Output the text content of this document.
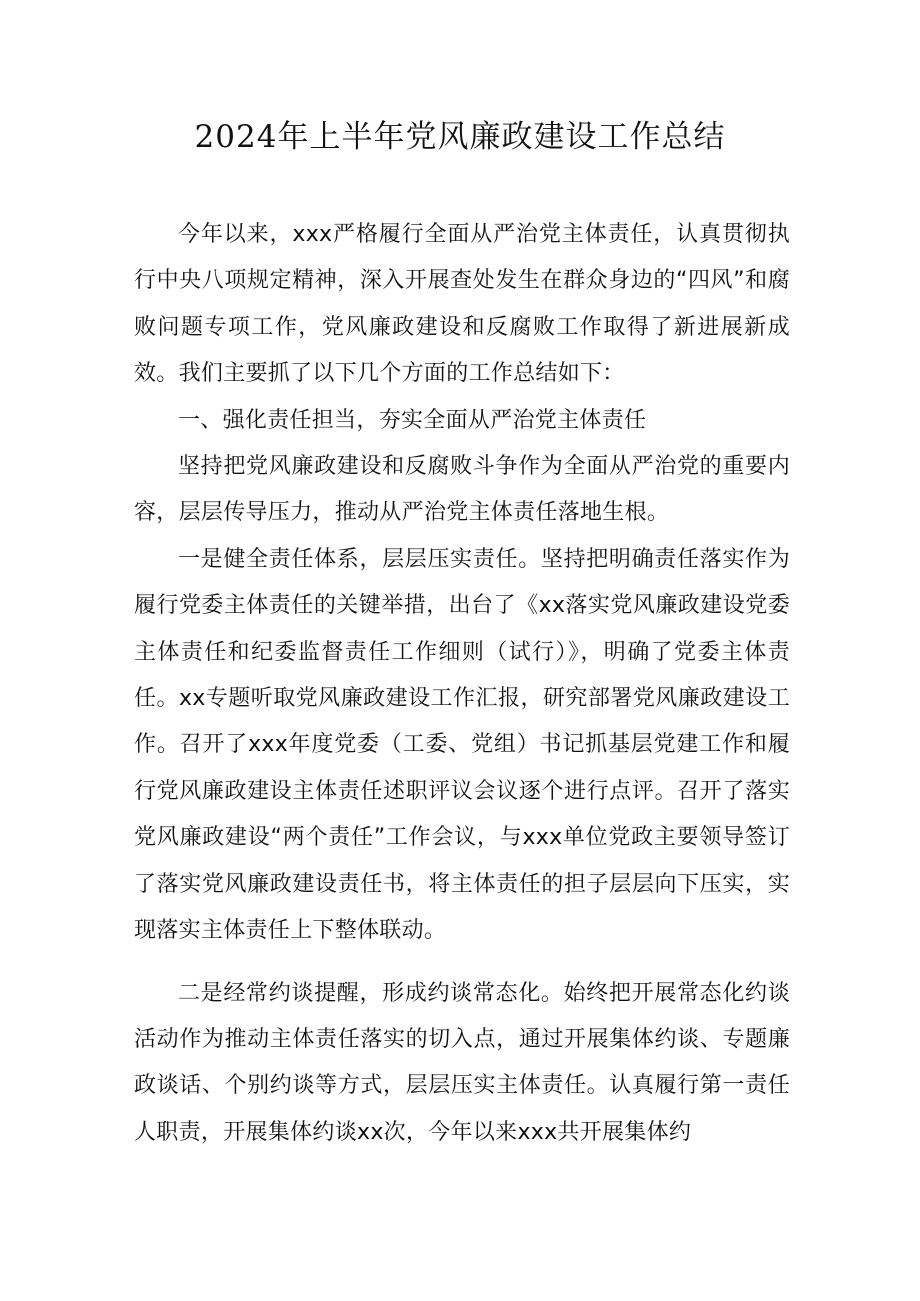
2024年上半年党风廉政建设工作总结

今年以来，xxx严格履行全面从严治党主体责任，认真贯彻执行中央八项规定精神，深入开展查处发生在群众身边的“四风”和腐败问题专项工作，党风廉政建设和反腐败工作取得了新进展新成效。我们主要抓了以下几个方面的工作总结如下：

一、强化责任担当，夯实全面从严治党主体责任

坚持把党风廉政建设和反腐败斗争作为全面从严治党的重要内容，层层传导压力，推动从严治党主体责任落地生根。

一是健全责任体系，层层压实责任。坚持把明确责任落实作为履行党委主体责任的关键举措，出台了《xx落实党风廉政建设党委主体责任和纪委监督责任工作细则（试行）》，明确了党委主体责任。xx专题听取党风廉政建设工作汇报，研究部署党风廉政建设工作。召开了xxx年度党委（工委、党组）书记抓基层党建工作和履行党风廉政建设主体责任述职评议会议逐个进行点评。召开了落实党风廉政建设“两个责任”工作会议，与xxx单位党政主要领导签订了落实党风廉政建设责任书，将主体责任的担子层层向下压实，实现落实主体责任上下整体联动。

二是经常约谈提醒，形成约谈常态化。始终把开展常态化约谈活动作为推动主体责任落实的切入点，通过开展集体约谈、专题廉政谈话、个别约谈等方式，层层压实主体责任。认真履行第一责任人职责，开展集体约谈xx次，今年以来xxx共开展集体约
